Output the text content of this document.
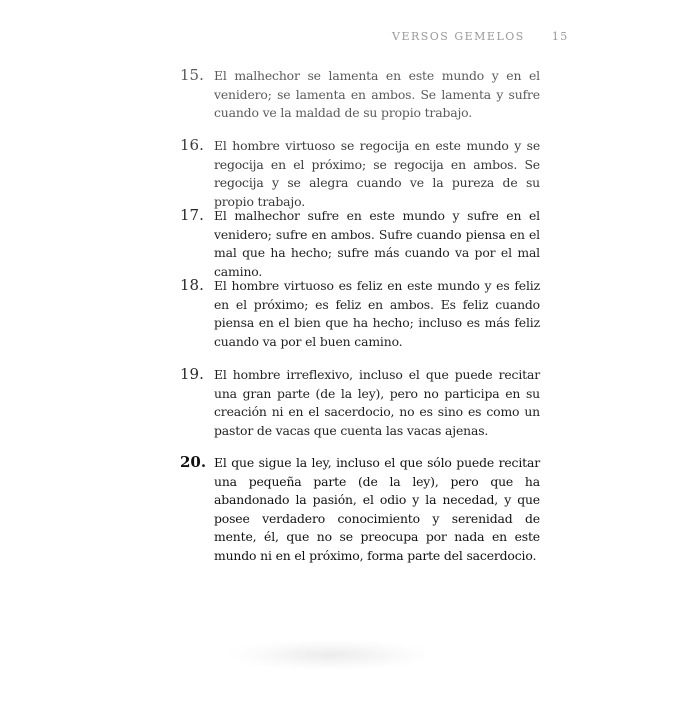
VERSOS GEMELOS 15
15. El malhechor se lamenta en este mundo y en el venidero; se lamenta en ambos. Se lamenta y sufre cuando ve la maldad de su propio trabajo.
16. El hombre virtuoso se regocija en este mundo y se regocija en el próximo; se regocija en ambos. Se regocija y se alegra cuando ve la pureza de su propio trabajo.
17. El malhechor sufre en este mundo y sufre en el venidero; sufre en ambos. Sufre cuando piensa en el mal que ha hecho; sufre más cuando va por el mal camino.
18. El hombre virtuoso es feliz en este mundo y es feliz en el próximo; es feliz en ambos. Es feliz cuando piensa en el bien que ha hecho; incluso es más feliz cuando va por el buen camino.
19. El hombre irreflexivo, incluso el que puede recitar una gran parte (de la ley), pero no participa en su creación ni en el sacerdocio, no es sino es como un pastor de vacas que cuenta las vacas ajenas.
20. El que sigue la ley, incluso el que sólo puede recitar una pequeña parte (de la ley), pero que ha abandonado la pasión, el odio y la necedad, y que posee verdadero conocimiento y serenidad de mente, él, que no se preocupa por nada en este mundo ni en el próximo, forma parte del sacerdocio.
